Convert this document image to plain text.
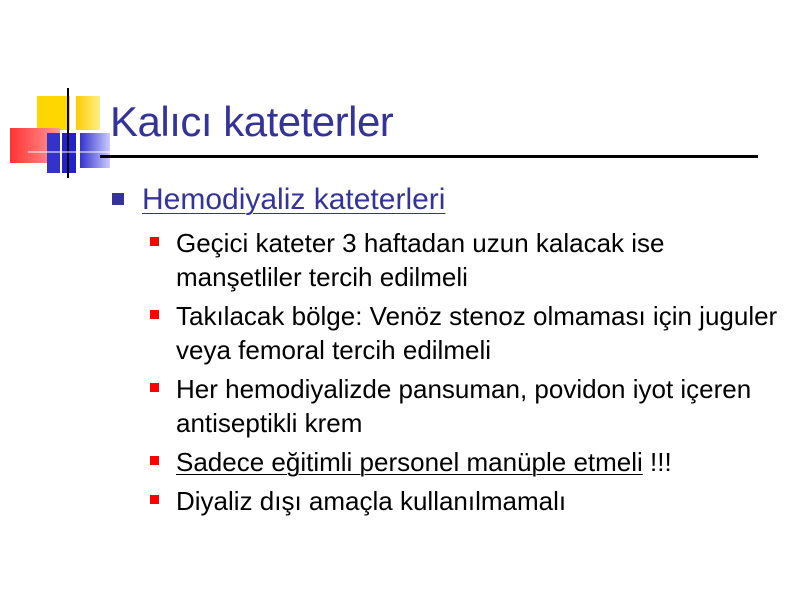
Kalıcı kateterler
Hemodiyaliz kateterleri
Geçici kateter 3 haftadan uzun kalacak ise manşetliler tercih edilmeli
Takılacak bölge: Venöz stenoz olmaması için juguler veya femoral tercih edilmeli
Her hemodiyalizde pansuman, povidon iyot içeren antiseptikli krem
Sadece eğitimli personel manüple etmeli !!!
Diyaliz dışı amaçla kullanılmamalı
